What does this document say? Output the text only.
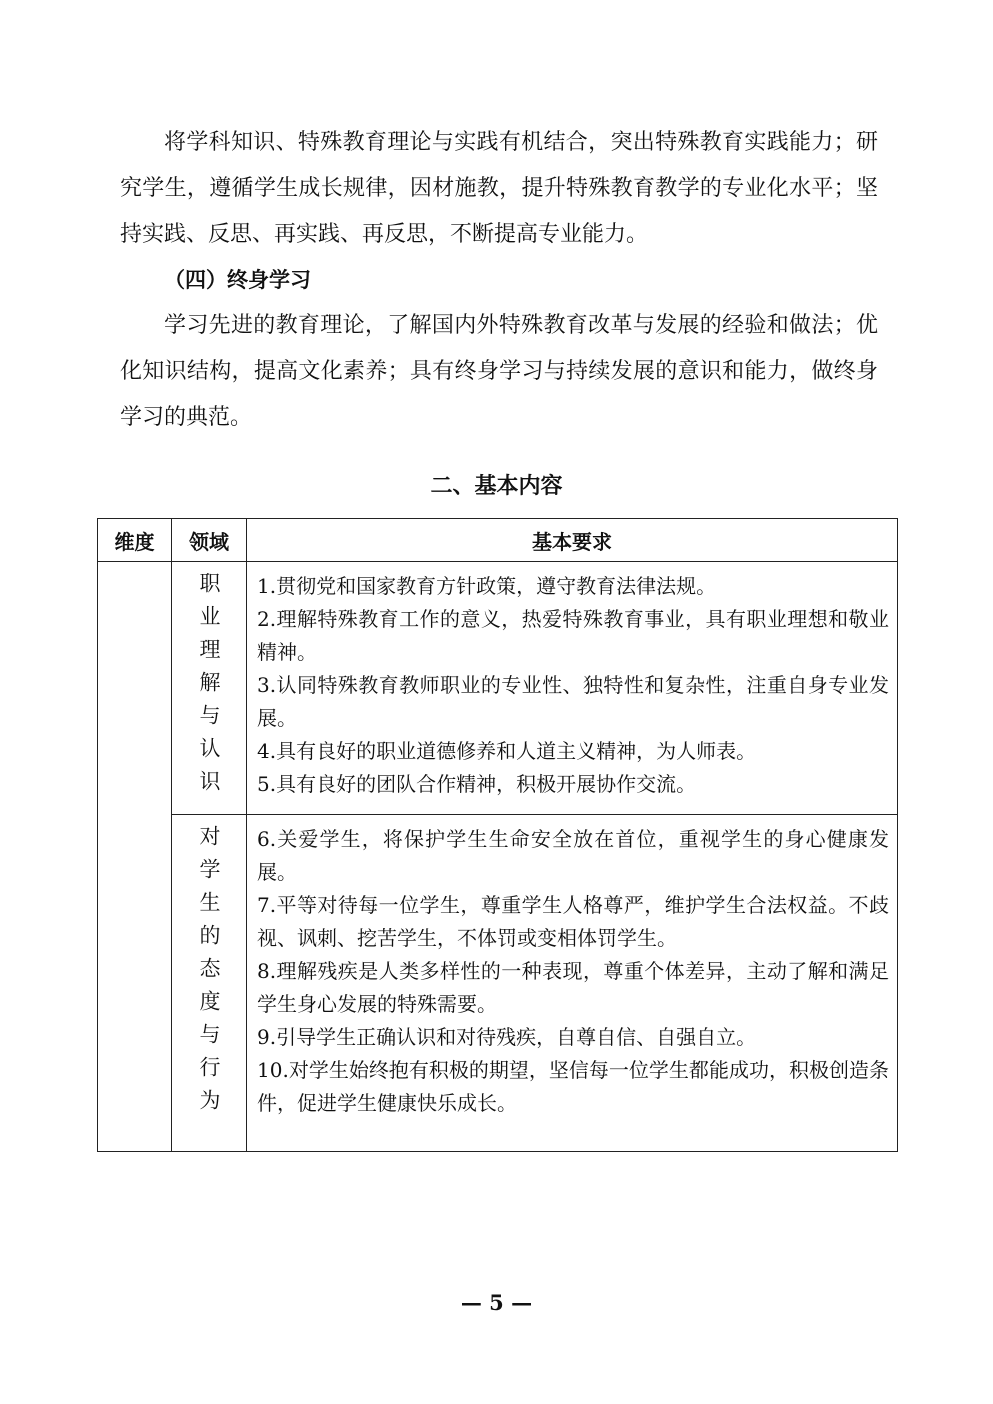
将学科知识、特殊教育理论与实践有机结合，突出特殊教育实践能力；研究学生，遵循学生成长规律，因材施教，提升特殊教育教学的专业化水平；坚持实践、反思、再实践、再反思，不断提高专业能力。

（四）终身学习

学习先进的教育理论，了解国内外特殊教育改革与发展的经验和做法；优化知识结构，提高文化素养；具有终身学习与持续发展的意识和能力，做终身学习的典范。

二、基本内容

维度	领域	基本要求
	职业理解与认识	1.贯彻党和国家教育方针政策，遵守教育法律法规。

2.理解特殊教育工作的意义，热爱特殊教育事业，具有职业理想和敬业精神。

3.认同特殊教育教师职业的专业性、独特性和复杂性，注重自身专业发展。

4.具有良好的职业道德修养和人道主义精神，为人师表。

5.具有良好的团队合作精神，积极开展协作交流。

	对学生的态度与行为	6.关爱学生，将保护学生生命安全放在首位，重视学生的身心健康发展。

7.平等对待每一位学生，尊重学生人格尊严，维护学生合法权益。不歧视、讽刺、挖苦学生，不体罚或变相体罚学生。

8.理解残疾是人类多样性的一种表现，尊重个体差异，主动了解和满足学生身心发展的特殊需要。

9.引导学生正确认识和对待残疾，自尊自信、自强自立。

10.对学生始终抱有积极的期望，坚信每一位学生都能成功，积极创造条件，促进学生健康快乐成长。

— 5 —
